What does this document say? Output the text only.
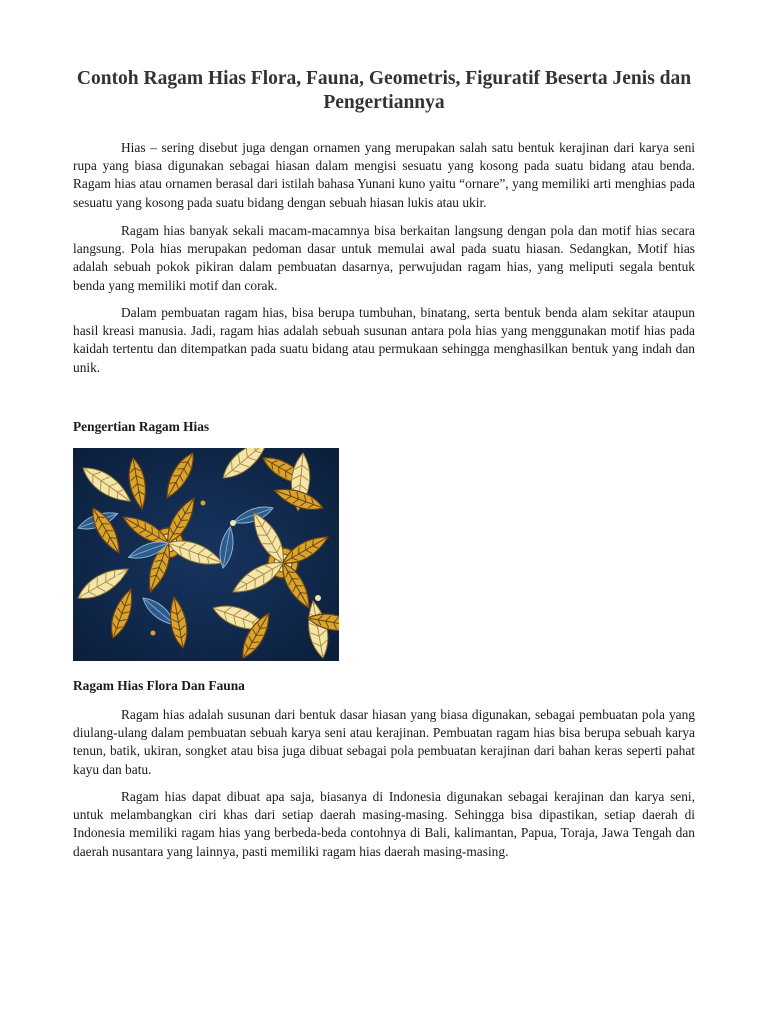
Contoh Ragam Hias Flora, Fauna, Geometris, Figuratif Beserta Jenis dan Pengertiannya

Hias – sering disebut juga dengan ornamen yang merupakan salah satu bentuk kerajinan dari karya seni rupa yang biasa digunakan sebagai hiasan dalam mengisi sesuatu yang kosong pada suatu bidang atau benda. Ragam hias atau ornamen berasal dari istilah bahasa Yunani kuno yaitu “ornare”, yang memiliki arti menghias pada sesuatu yang kosong pada suatu bidang dengan sebuah hiasan lukis atau ukir.

Ragam hias banyak sekali macam-macamnya bisa berkaitan langsung dengan pola dan motif hias secara langsung. Pola hias merupakan pedoman dasar untuk memulai awal pada suatu hiasan. Sedangkan, Motif hias adalah sebuah pokok pikiran dalam pembuatan dasarnya, perwujudan ragam hias, yang meliputi segala bentuk benda yang memiliki motif dan corak.

Dalam pembuatan ragam hias, bisa berupa tumbuhan, binatang, serta bentuk benda alam sekitar ataupun hasil kreasi manusia. Jadi, ragam hias adalah sebuah susunan antara pola hias yang menggunakan motif hias pada kaidah tertentu dan ditempatkan pada suatu bidang atau permukaan sehingga menghasilkan bentuk yang indah dan unik.

Pengertian Ragam Hias
Ragam Hias Flora Dan Fauna

Ragam hias adalah susunan dari bentuk dasar hiasan yang biasa digunakan, sebagai pembuatan pola yang diulang-ulang dalam pembuatan sebuah karya seni atau kerajinan. Pembuatan ragam hias bisa berupa sebuah karya tenun, batik, ukiran, songket atau bisa juga dibuat sebagai pola pembuatan kerajinan dari bahan keras seperti pahat kayu dan batu.

Ragam hias dapat dibuat apa saja, biasanya di Indonesia digunakan sebagai kerajinan dan karya seni, untuk melambangkan ciri khas dari setiap daerah masing-masing. Sehingga bisa dipastikan, setiap daerah di Indonesia memiliki ragam hias yang berbeda-beda contohnya di Bali, kalimantan, Papua, Toraja, Jawa Tengah dan daerah nusantara yang lainnya, pasti memiliki ragam hias daerah masing-masing.
